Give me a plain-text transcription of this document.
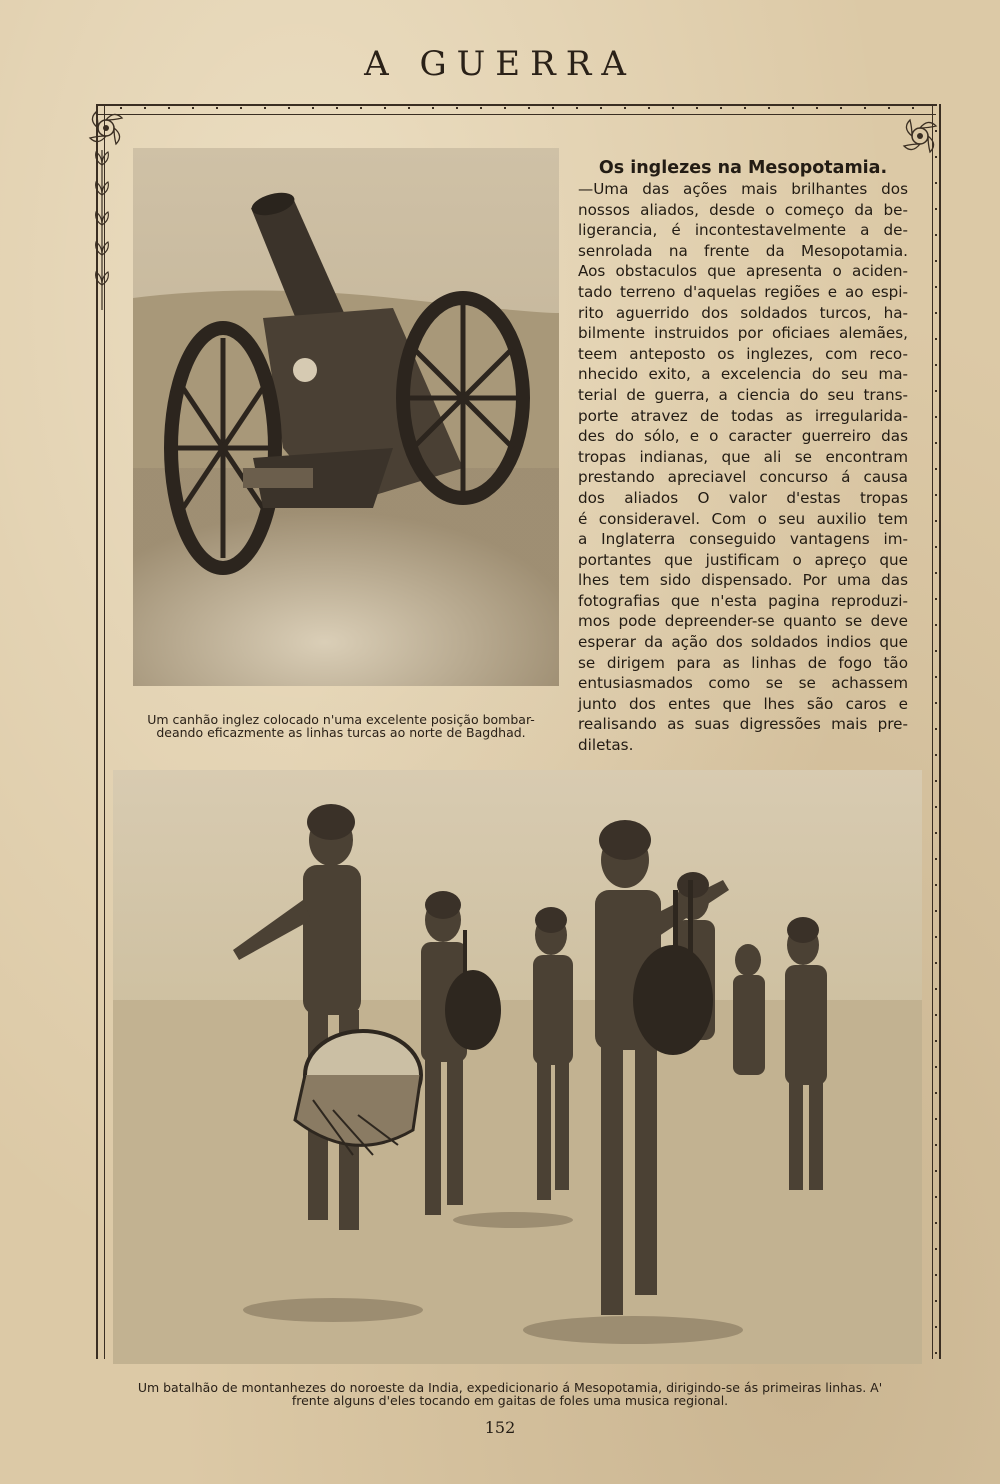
A GUERRA
Um canhão inglez colocado n'uma excelente posição bombar-
deando eficazmente as linhas turcas ao norte de Bagdhad.
Os inglezes na Mesopotamia.

—Uma das ações mais brilhantes dos
nossos aliados, desde o começo da be-
ligerancia, é incontestavelmente a de-
senrolada na frente da Mesopotamia.
Aos obstaculos que apresenta o aciden-
tado terreno d'aquelas regiões e ao espi-
rito aguerrido dos soldados turcos, ha-
bilmente instruidos por oficiaes alemães,
teem anteposto os inglezes, com reco-
nhecido exito, a excelencia do seu ma-
terial de guerra, a ciencia do seu trans-
porte atravez de todas as irregularida-
des do sólo, e o caracter guerreiro das
tropas indianas, que ali se encontram
prestando apreciavel concurso á causa
dos aliados O valor d'estas tropas
é consideravel. Com o seu auxilio tem
a Inglaterra conseguido vantagens im-
portantes que justificam o apreço que
lhes tem sido dispensado. Por uma das
fotografias que n'esta pagina reproduzi-
mos pode depreender-se quanto se deve
esperar da ação dos soldados indios que
se dirigem para as linhas de fogo tão
entusiasmados como se se achassem
junto dos entes que lhes são caros e
realisando as suas digressões mais pre-
diletas.

Um batalhão de montanhezes do noroeste da India, expedicionario á Mesopotamia, dirigindo-se ás primeiras linhas. A'
frente alguns d'eles tocando em gaitas de foles uma musica regional.
152
